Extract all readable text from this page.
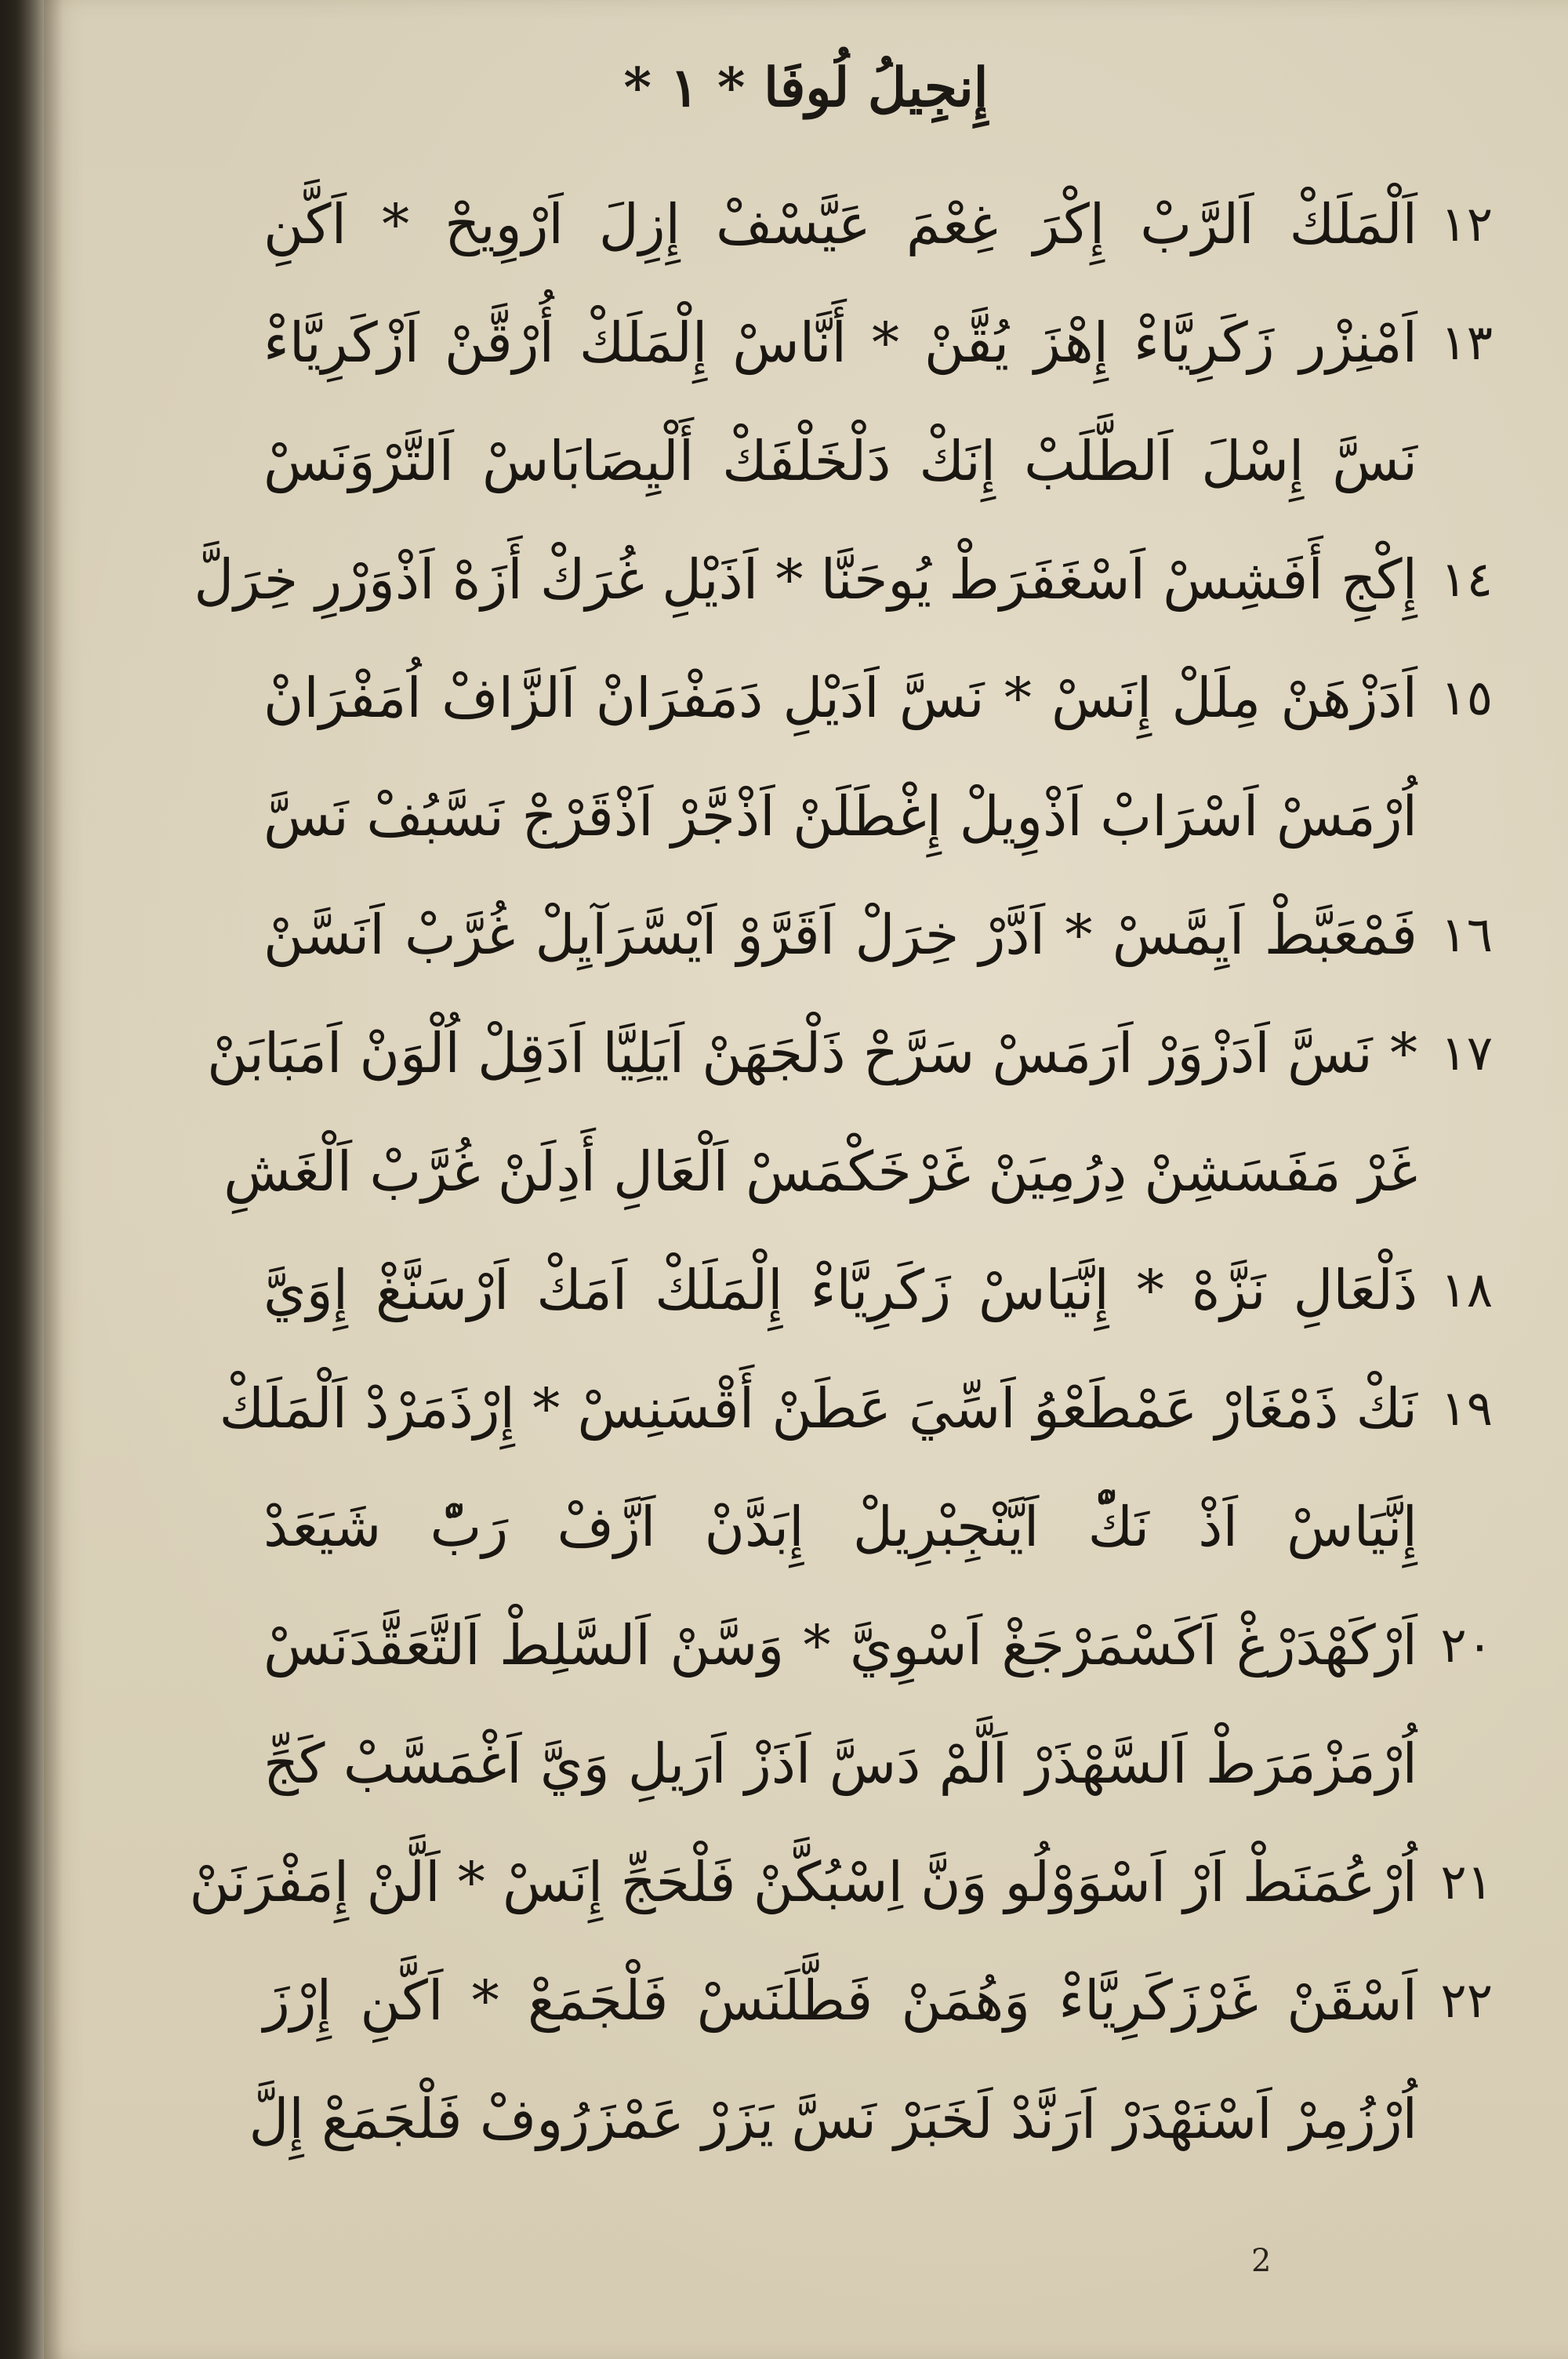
إِنجِيلُ لُوفَا * ١ *
١٢
اَلْمَلَكْ اَلرَّبْ إِكْرَ غِعْمَ عَيَّسْفْ إِزِلَ اَرْوِيحْ * اَكَّنِ
١٣
اَمْنِزْر زَكَرِيَّاءْ إِهْزَ يُقَّنْ * أَنَّاسْ إِلْمَلَكْ أُرْقَّنْ اَزْكَرِيَّاءْ
نَسَّ إِسْلَ اَلطَّلَبْ إِنَكْ دَلْخَلْفَكْ أَلْيِصَابَاسْ اَلتَّرْوَنَسْ
١٤
إِكْجِ أَفَشِسْ اَسْغَفَرَطْ يُوحَنَّا * اَذَيْلِ غُرَكْ أَزَهْ اَذْوَرْرِ خِرَلَّ
١٥
اَدَزْهَنْ مِلَلْ إِنَسْ * نَسَّ اَدَيْلِ دَمَفْرَانْ اَلزَّافْ اُمَفْرَانْ
اُرْمَسْ اَسْرَابْ اَذْوِيلْ إِغْطَلَنْ اَذْجَّرْ اَذْقَرْجْ نَسَّبُفْ نَسَّ
١٦
فَمْعَبَّطْ اَيِمَّسْ * اَدَّرْ خِرَلْ اَقَرَّوْ اَيْسَّرَآيِلْ غُرَّبْ اَنَسَّنْ
١٧
* نَسَّ اَدَزْوَرْ اَرَمَسْ سَرَّحْ ذَلْجَهَنْ اَيَلِيَّا اَدَقِلْ اُلْوَنْ اَمَبَابَنْ
غَرْ مَفَسَشِنْ دِرُمِيَنْ غَرْخَكْمَسْ اَلْعَالِ أَدِلَنْ غُرَّبْ اَلْغَشِ
١٨
ذَلْعَالِ نَزَّهْ * إِنَّيَاسْ زَكَرِيَّاءْ إِلْمَلَكْ اَمَكْ اَرْسَنَّغْ إِوَيَّ
١٩
نَكْ ذَمْغَارْ عَمْطَعْوُ اَسِّيَ عَطَنْ أَقْسَنِسْ * إِرْذَمَرْدْ اَلْمَلَكْ
إِنَّيَاسْ اَذْ نَكّْ اَيَّنْجِبْرِيلْ إِبَدَّنْ اَزَّفْ رَبّْ شَيَعَدْ
٢٠
اَرْكَهْدَرْغْ اَكَسْمَرْجَغْ اَسْوِيَّ * وَسَّنْ اَلسَّلِطْ اَلتَّعَقَّدَنَسْ
اُرْمَزْمَرَطْ اَلسَّهْذَرْ اَلَّمْ دَسَّ اَذَزْ اَرَيلِ وَيَّ اَغْمَسَّبْ كَجِّ
٢١
اُرْعُمَنَطْ اَرْ اَسْوَوْلُو وَنَّ اِسْبُكَّنْ فَلْحَجِّ إِنَسْ * اَلَّنْ إِمَفْرَنَنْ
٢٢
اَسْقَنْ غَرْزَكَرِيَّاءْ وَهُمَنْ فَطَّلَنَسْ فَلْجَمَعْ * اَكَّنِ إِرْزَ
اُرْزُمِرْ اَسْنَهْدَرْ اَرَنَّدْ لَخَبَرْ نَسَّ يَزَرْ عَمْزَرُوفْ فَلْجَمَعْ إِلَّ
2
